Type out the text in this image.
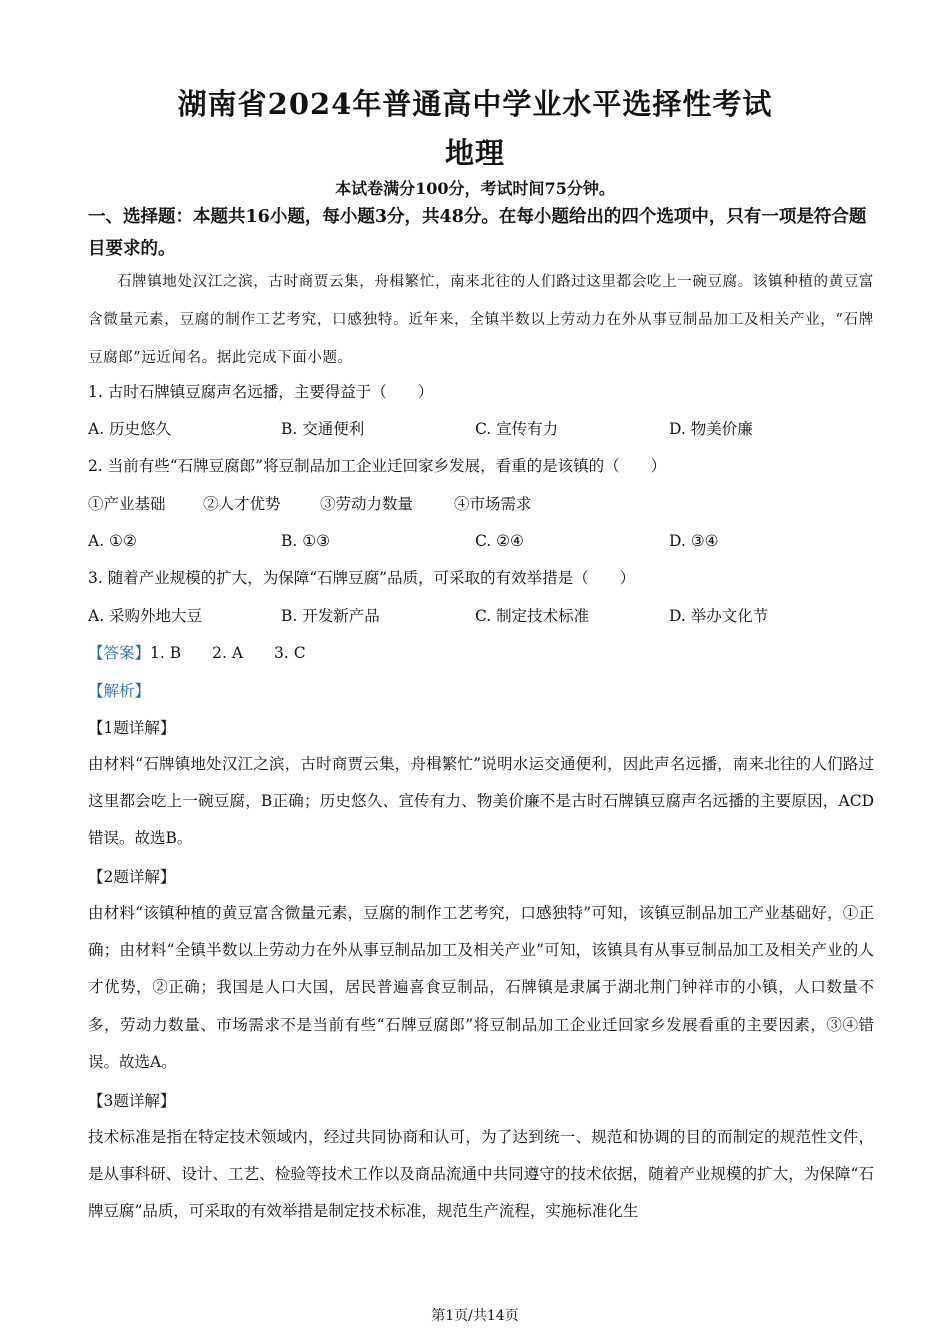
湖南省2024年普通高中学业水平选择性考试
地理
本试卷满分100分，考试时间75分钟。
一、选择题：本题共16小题，每小题3分，共48分。在每小题给出的四个选项中，只有一项是符合题目要求的。
石牌镇地处汉江之滨，古时商贾云集，舟楫繁忙，南来北往的人们路过这里都会吃上一碗豆腐。该镇种植的黄豆富含微量元素，豆腐的制作工艺考究，口感独特。近年来，全镇半数以上劳动力在外从事豆制品加工及相关产业，“石牌豆腐郎”远近闻名。据此完成下面小题。
1. 古时石牌镇豆腐声名远播，主要得益于（　　）
A. 历史悠久	B. 交通便利	C. 宣传有力	D. 物美价廉
2. 当前有些“石牌豆腐郎”将豆制品加工企业迁回家乡发展，看重的是该镇的（　　）
①产业基础 ②人才优势	③劳动力数量	④市场需求
A. ①②	B. ①③	C. ②④	D. ③④
3. 随着产业规模的扩大，为保障“石牌豆腐”品质，可采取的有效举措是（　　）
A. 采购外地大豆	B. 开发新产品	C. 制定技术标准	D. 举办文化节
【答案】1. B　　2. A　　3. C
【解析】
【1题详解】
由材料“石牌镇地处汉江之滨，古时商贾云集，舟楫繁忙”说明水运交通便利，因此声名远播，南来北往的人们路过这里都会吃上一碗豆腐，B正确；历史悠久、宣传有力、物美价廉不是古时石牌镇豆腐声名远播的主要原因，ACD错误。故选B。
【2题详解】
由材料“该镇种植的黄豆富含微量元素，豆腐的制作工艺考究，口感独特”可知，该镇豆制品加工产业基础好，①正确；由材料“全镇半数以上劳动力在外从事豆制品加工及相关产业”可知，该镇具有从事豆制品加工及相关产业的人才优势，②正确；我国是人口大国，居民普遍喜食豆制品，石牌镇是隶属于湖北荆门钟祥市的小镇，人口数量不多，劳动力数量、市场需求不是当前有些“石牌豆腐郎”将豆制品加工企业迁回家乡发展看重的主要因素，③④错误。故选A。
【3题详解】
技术标准是指在特定技术领域内，经过共同协商和认可，为了达到统一、规范和协调的目的而制定的规范性文件，是从事科研、设计、工艺、检验等技术工作以及商品流通中共同遵守的技术依据，随着产业规模的扩大，为保障“石牌豆腐”品质，可采取的有效举措是制定技术标准，规范生产流程，实施标准化生
第1页/共14页
